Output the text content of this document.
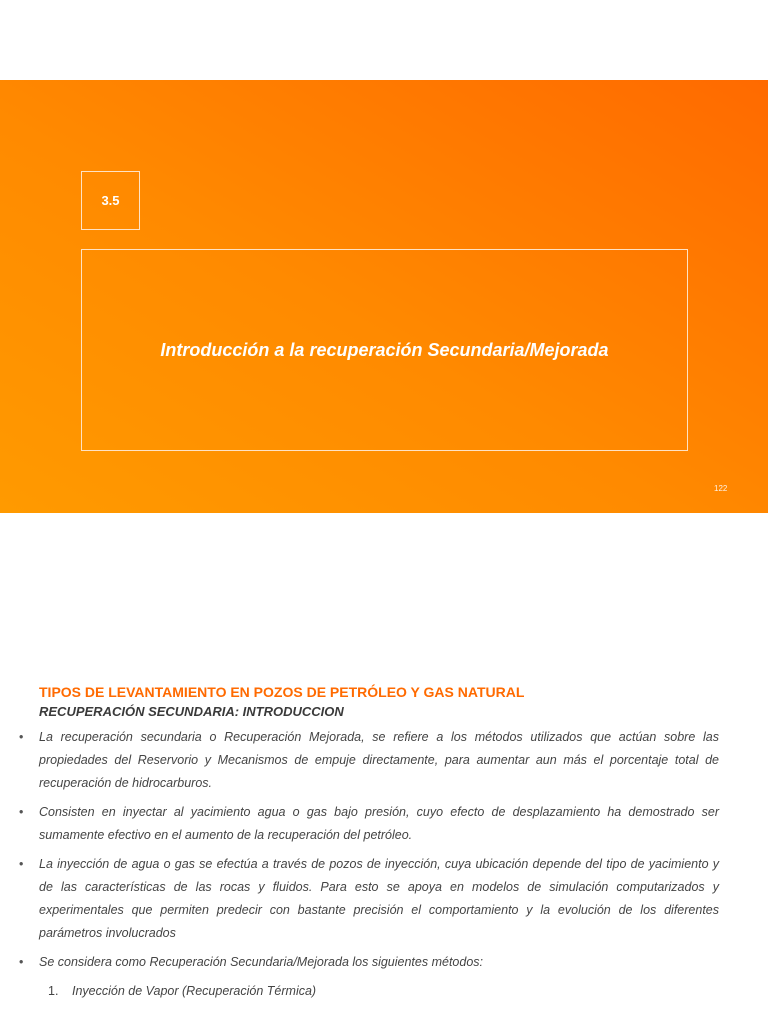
3.5
Introducción a la recuperación Secundaria/Mejorada
122
TIPOS DE LEVANTAMIENTO EN POZOS DE PETRÓLEO Y GAS NATURAL
RECUPERACIÓN SECUNDARIA: INTRODUCCION
• La recuperación secundaria o Recuperación Mejorada, se refiere a los métodos utilizados que actúan sobre las propiedades del Reservorio y Mecanismos de empuje directamente, para aumentar aun más el porcentaje total de recuperación de hidrocarburos.
• Consisten en inyectar al yacimiento agua o gas bajo presión, cuyo efecto de desplazamiento ha demostrado ser sumamente efectivo en el aumento de la recuperación del petróleo.
• La inyección de agua o gas se efectúa a través de pozos de inyección, cuya ubicación depende del tipo de yacimiento y de las características de las rocas y fluidos. Para esto se apoya en modelos de simulación computarizados y experimentales que permiten predecir con bastante precisión el comportamiento y la evolución de los diferentes parámetros involucrados
• Se considera como Recuperación Secundaria/Mejorada los siguientes métodos:
1. Inyección de Vapor (Recuperación Térmica)
